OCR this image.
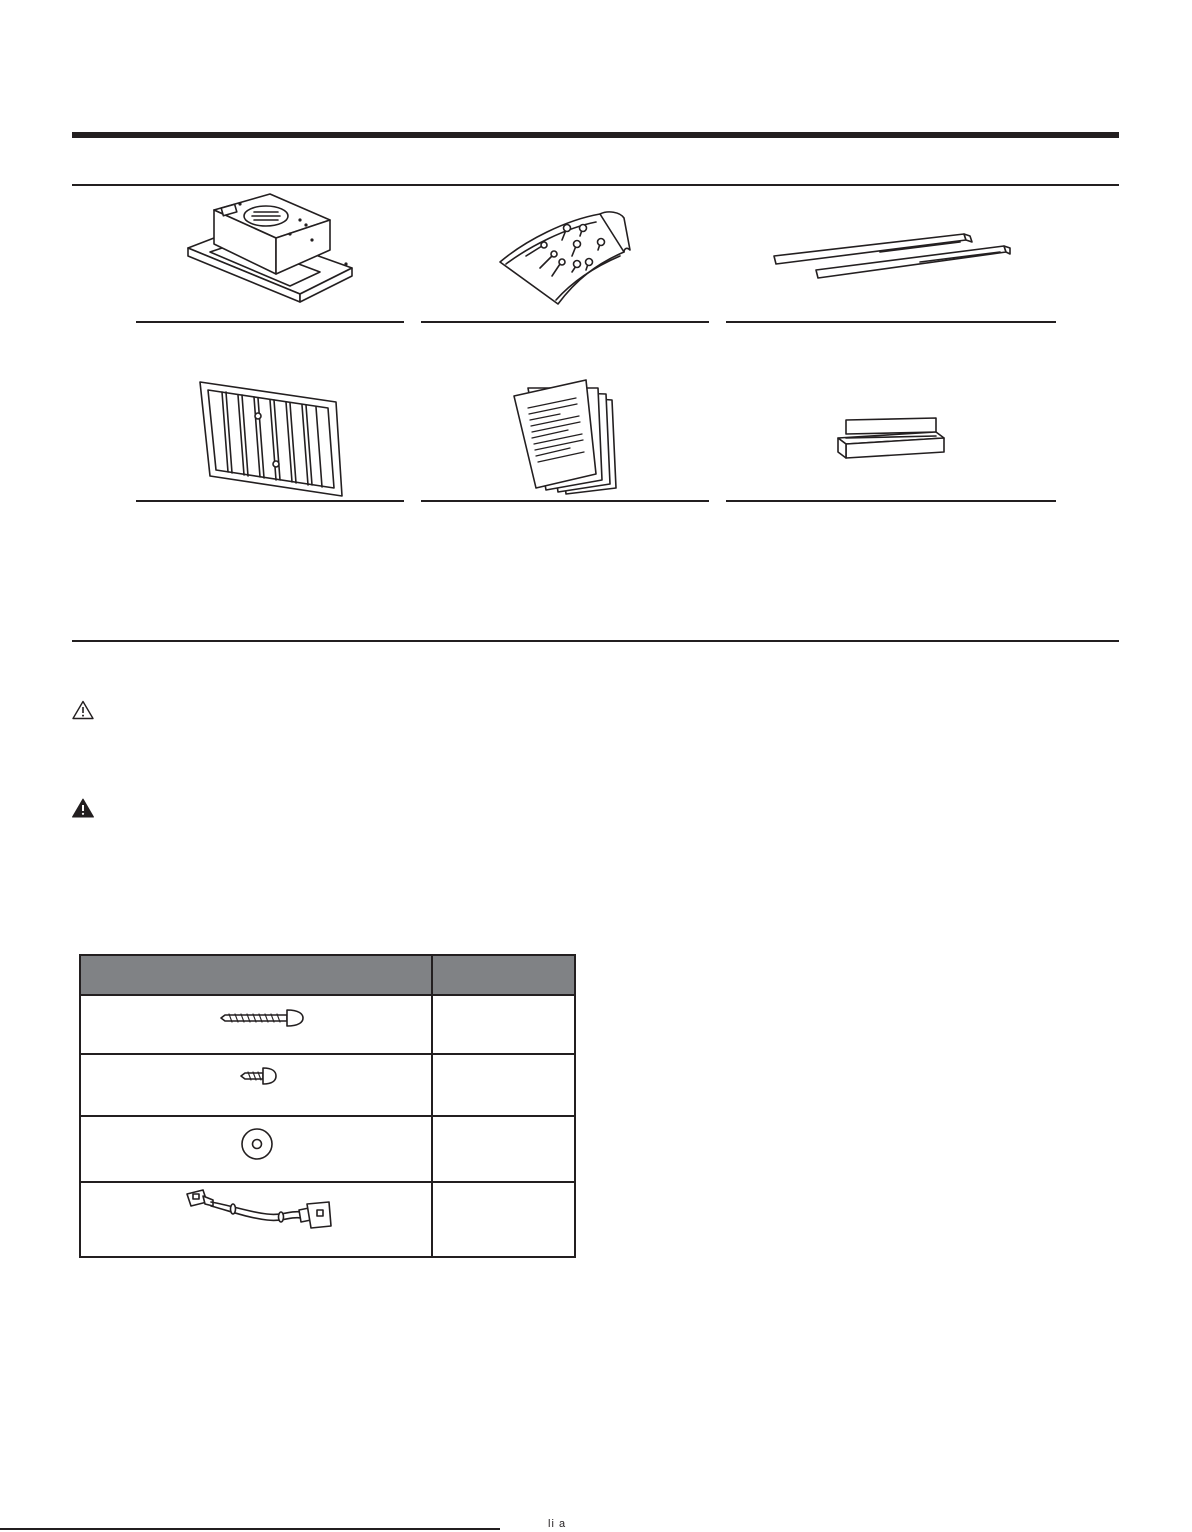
li a
